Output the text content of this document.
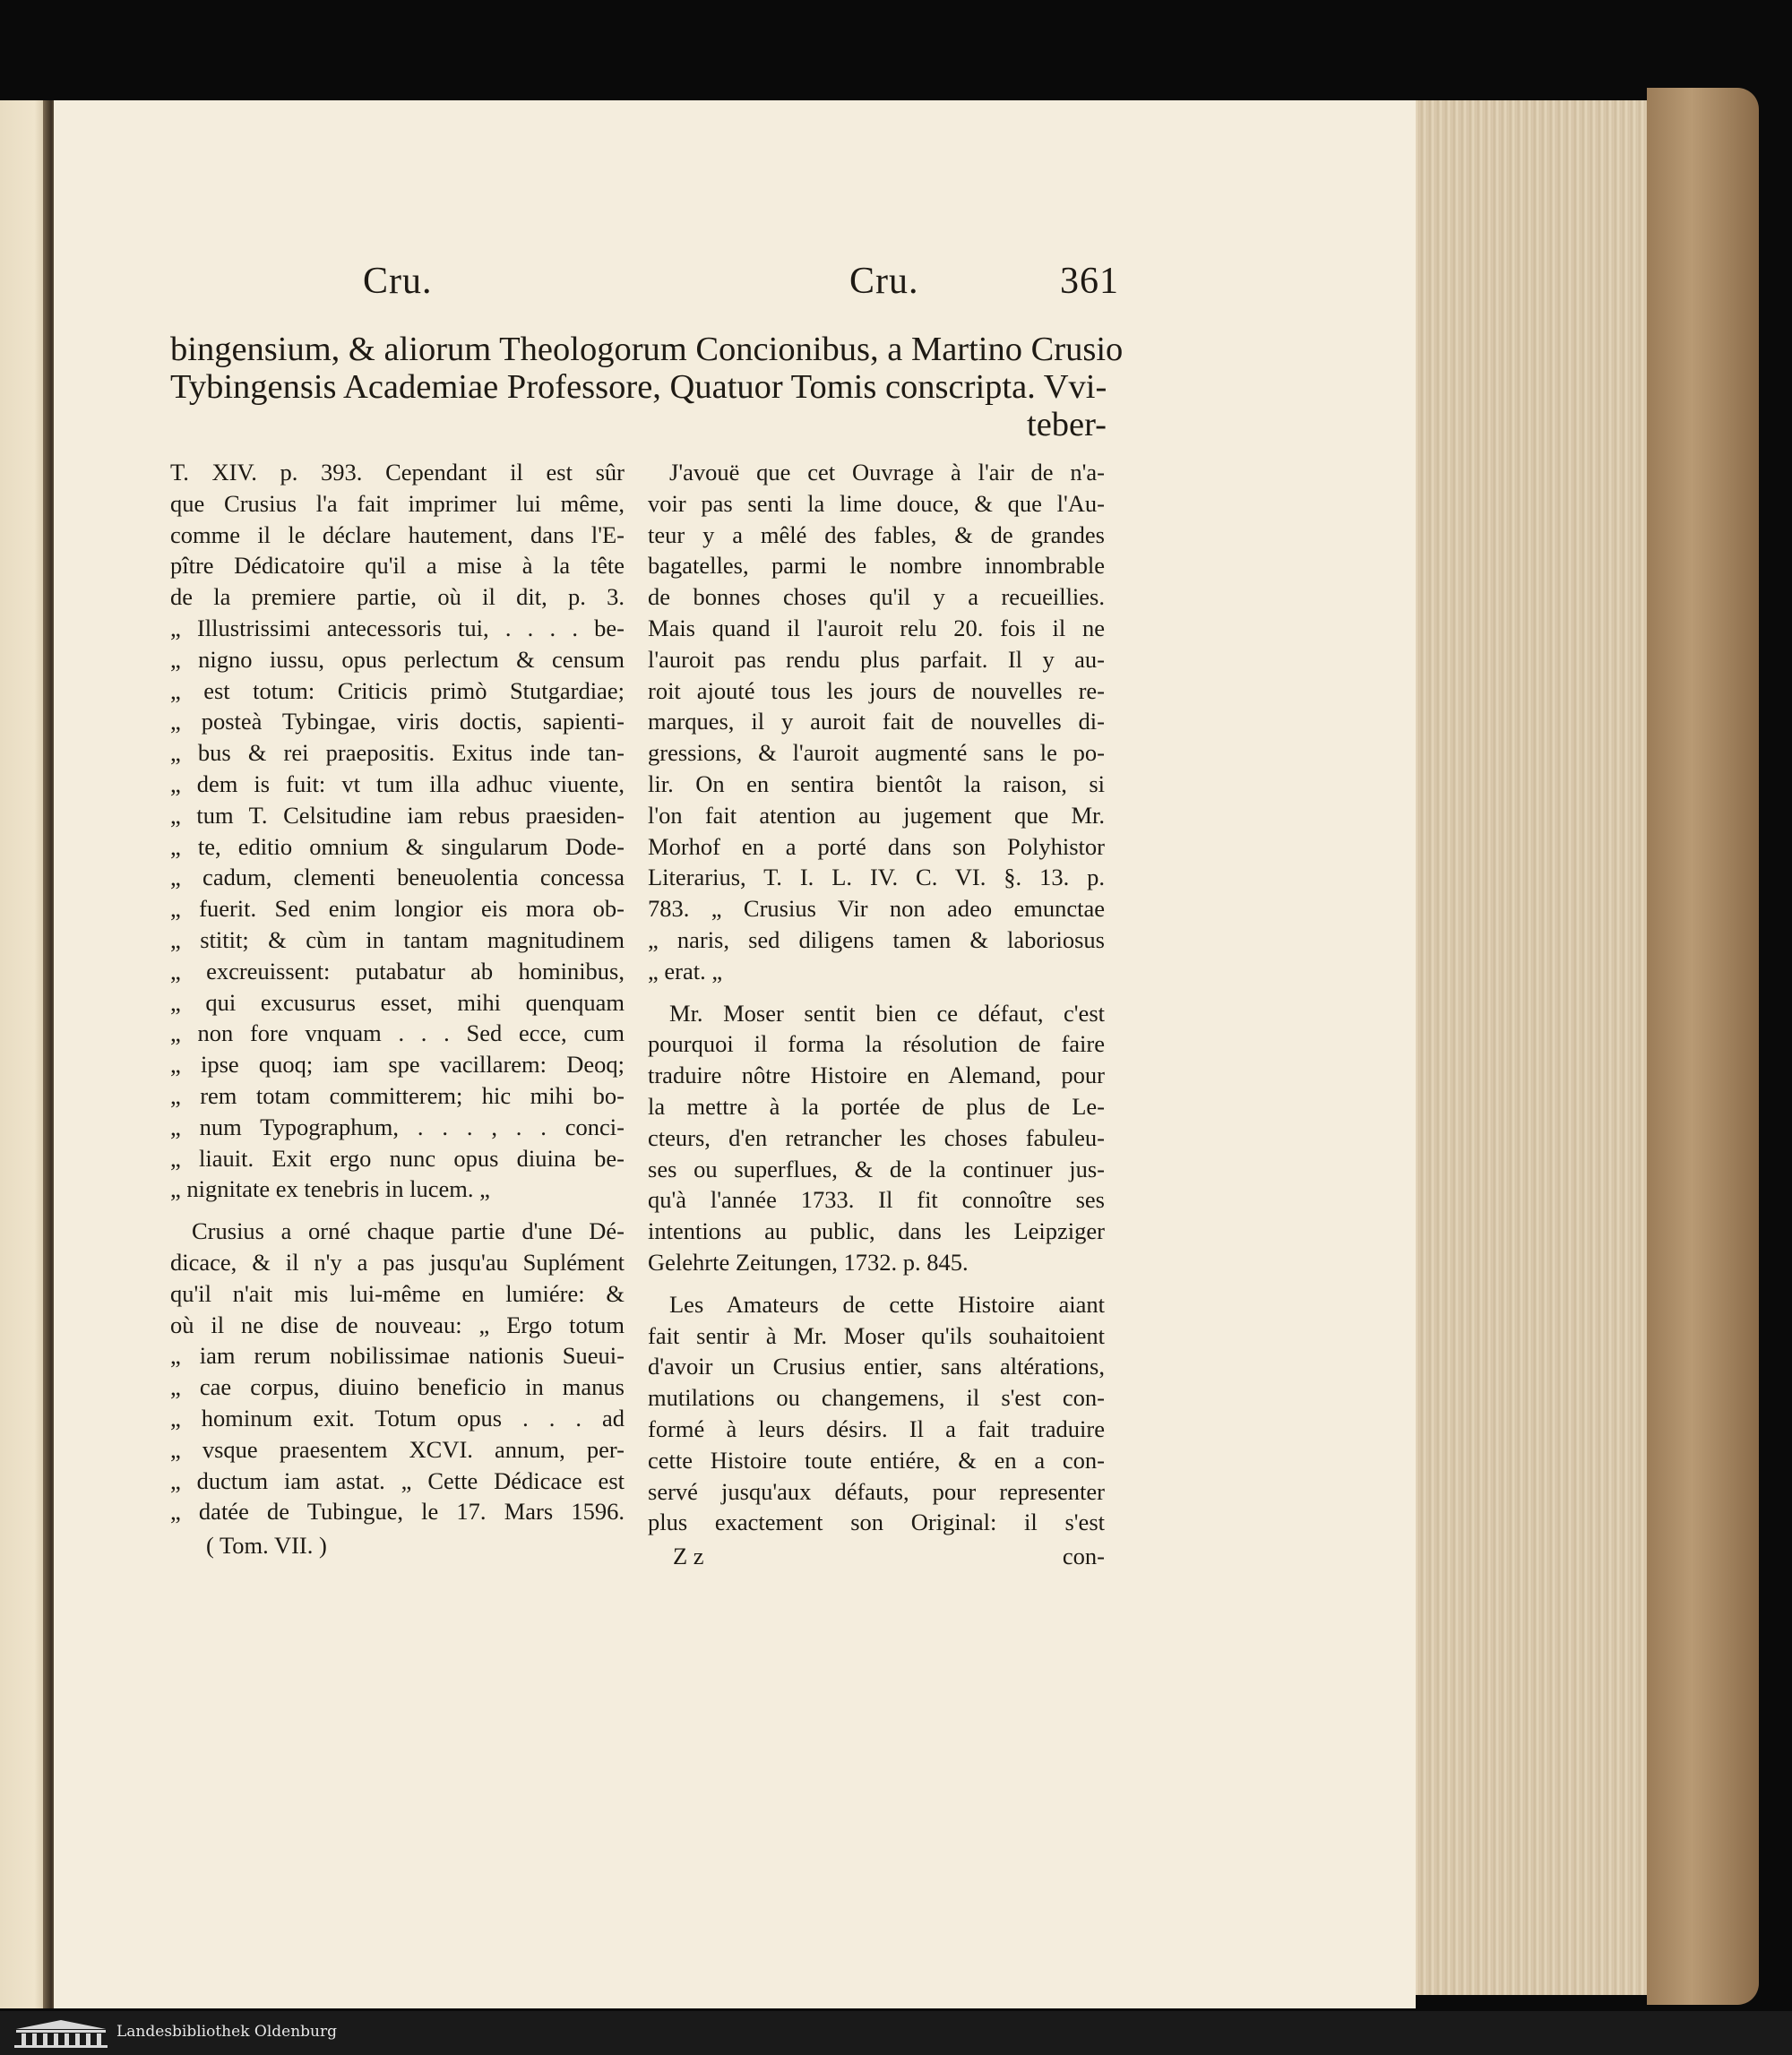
Cru.	Cru.	361
bingensium, & aliorum Theologorum Concionibus, a Martino Crusio
Tybingensis Academiae Professore, Quatuor Tomis conscripta. Vvi-
teber-
T. XIV. p. 393. Cependant il est sûr
que Crusius l'a fait imprimer lui même,
comme il le déclare hautement, dans l'E-
pître Dédicatoire qu'il a mise à la tête
de la premiere partie, où il dit, p. 3.
„ Illustrissimi antecessoris tui, . . . . be-
„ nigno iussu, opus perlectum & censum
„ est totum: Criticis primò Stutgardiae;
„ posteà Tybingae, viris doctis, sapienti-
„ bus & rei praepositis. Exitus inde tan-
„ dem is fuit: vt tum illa adhuc viuente,
„ tum T. Celsitudine iam rebus praesiden-
„ te, editio omnium & singularum Dode-
„ cadum, clementi beneuolentia concessa
„ fuerit. Sed enim longior eis mora ob-
„ stitit; & cùm in tantam magnitudinem
„ excreuissent: putabatur ab hominibus,
„ qui excusurus esset, mihi quenquam
„ non fore vnquam . . . Sed ecce, cum
„ ipse quoq; iam spe vacillarem: Deoq;
„ rem totam committerem; hic mihi bo-
„ num Typographum, . . . , . . conci-
„ liauit. Exit ergo nunc opus diuina be-
„ nignitate ex tenebris in lucem. „
Crusius a orné chaque partie d'une Dé-
dicace, & il n'y a pas jusqu'au Suplément
qu'il n'ait mis lui-même en lumiére: &
où il ne dise de nouveau: „ Ergo totum
„ iam rerum nobilissimae nationis Sueui-
„ cae corpus, diuino beneficio in manus
„ hominum exit. Totum opus . . . ad
„ vsque praesentem XCVI. annum, per-
„ ductum iam astat. „ Cette Dédicace est
„ datée de Tubingue, le 17. Mars 1596.
( Tom. VII. )
J'avouë que cet Ouvrage à l'air de n'a-
voir pas senti la lime douce, & que l'Au-
teur y a mêlé des fables, & de grandes
bagatelles, parmi le nombre innombrable
de bonnes choses qu'il y a recueillies.
Mais quand il l'auroit relu 20. fois il ne
l'auroit pas rendu plus parfait. Il y au-
roit ajouté tous les jours de nouvelles re-
marques, il y auroit fait de nouvelles di-
gressions, & l'auroit augmenté sans le po-
lir. On en sentira bientôt la raison, si
l'on fait atention au jugement que Mr.
Morhof en a porté dans son Polyhistor
Literarius, T. I. L. IV. C. VI. §. 13. p.
783. „ Crusius Vir non adeo emunctae
„ naris, sed diligens tamen & laboriosus
„ erat. „
Mr. Moser sentit bien ce défaut, c'est
pourquoi il forma la résolution de faire
traduire nôtre Histoire en Alemand, pour
la mettre à la portée de plus de Le-
cteurs, d'en retrancher les choses fabuleu-
ses ou superflues, & de la continuer jus-
qu'à l'année 1733. Il fit connoître ses
intentions au public, dans les Leipziger
Gelehrte Zeitungen, 1732. p. 845.
Les Amateurs de cette Histoire aiant
fait sentir à Mr. Moser qu'ils souhaitoient
d'avoir un Crusius entier, sans altérations,
mutilations ou changemens, il s'est con-
formé à leurs désirs. Il a fait traduire
cette Histoire toute entiére, & en a con-
servé jusqu'aux défauts, pour representer
plus exactement son Original: il s'est
Z z	con-
Landesbibliothek Oldenburg
